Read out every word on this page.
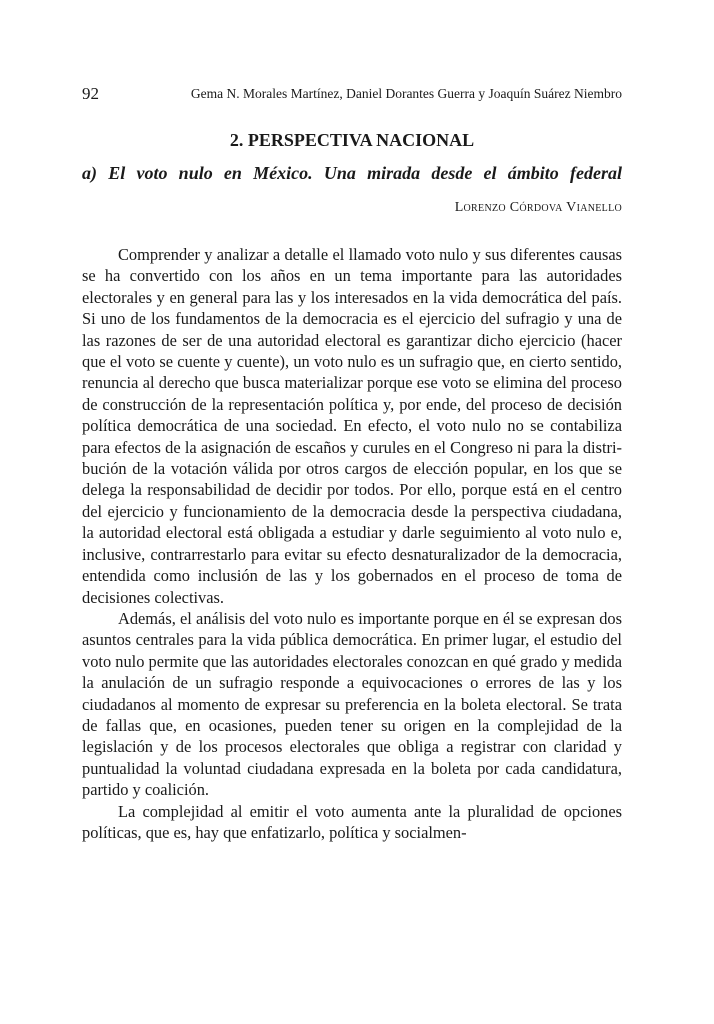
92	Gema N. Morales Martínez, Daniel Dorantes Guerra y Joaquín Suárez Niembro
2. PERSPECTIVA NACIONAL
a) El voto nulo en México. Una mirada desde el ámbito federal
Lorenzo Córdova Vianello

Comprender y analizar a detalle el llamado voto nulo y sus diferentes causas se ha convertido con los años en un tema importante para las autoridades electorales y en general para las y los interesados en la vida democrática del país. Si uno de los fundamentos de la democracia es el ejercicio del sufragio y una de las razones de ser de una autoridad electoral es garantizar dicho ejercicio (hacer que el voto se cuente y cuente), un voto nulo es un sufragio que, en cierto sentido, renuncia al derecho que busca materializar porque ese voto se elimina del proceso de construcción de la representación política y, por ende, del proceso de decisión política democrática de una sociedad. En efecto, el voto nulo no se contabiliza para efectos de la asignación de escaños y curules en el Congreso ni para la distribución de la votación válida por otros cargos de elección popular, en los que se delega la responsabilidad de decidir por todos. Por ello, porque está en el centro del ejercicio y funcionamiento de la democracia desde la perspectiva ciudadana, la autoridad electoral está obligada a estudiar y darle seguimiento al voto nulo e, inclusive, contrarrestarlo para evitar su efecto desnaturalizador de la democracia, entendida como inclusión de las y los gobernados en el proceso de toma de decisiones colectivas.

Además, el análisis del voto nulo es importante porque en él se expresan dos asuntos centrales para la vida pública democrática. En primer lugar, el estudio del voto nulo permite que las autoridades electorales conozcan en qué grado y medida la anulación de un sufragio responde a equivocaciones o errores de las y los ciudadanos al momento de expresar su preferencia en la boleta electoral. Se trata de fallas que, en ocasiones, pueden tener su origen en la complejidad de la legislación y de los procesos electorales que obliga a registrar con claridad y puntualidad la voluntad ciudadana expresada en la boleta por cada candidatura, partido y coalición.

La complejidad al emitir el voto aumenta ante la pluralidad de opciones políticas, que es, hay que enfatizarlo, política y socialmen-
